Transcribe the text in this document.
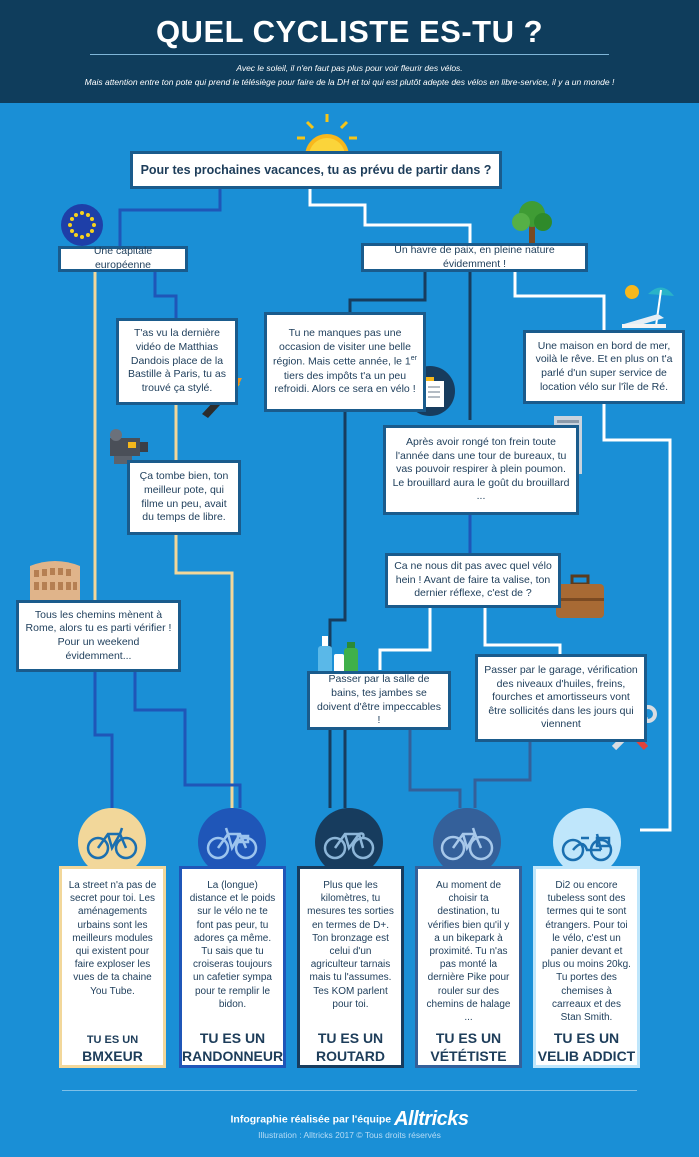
QUEL CYCLISTE ES-TU ?
Avec le soleil, il n'en faut pas plus pour voir fleurir des vélos.
Mais attention entre ton pote qui prend le télésiège pour faire de la DH et toi qui est plutôt adepte des vélos en libre-service, il y a un monde !
Pour tes prochaines vacances, tu as prévu de partir dans ?
Une capitale européenne
Un havre de paix, en pleine nature évidemment !
T'as vu la dernière vidéo de Matthias Dandois place de la Bastille à Paris, tu as trouvé ça stylé.
Ça tombe bien, ton meilleur pote, qui filme un peu, avait du temps de libre.
Tous les chemins mènent à Rome, alors tu es parti vérifier ! Pour un weekend évidemment...
Tu ne manques pas une occasion de visiter une belle région. Mais cette année, le 1er tiers des impôts t'a un peu refroidi. Alors ce sera en vélo !
Une maison en bord de mer, voilà le rêve. Et en plus on t'a parlé d'un super service de location vélo sur l'île de Ré.
Après avoir rongé ton frein toute l'année dans une tour de bureaux, tu vas pouvoir respirer à plein poumon. Le brouillard aura le goût du brouillard ...
Ca ne nous dit pas avec quel vélo hein ! Avant de faire ta valise, ton dernier réflexe, c'est de ?
Passer par la salle de bains, tes jambes se doivent d'être impeccables !
Passer par le garage, vérification des niveaux d'huiles, freins, fourches et amortisseurs vont être sollicités dans les jours qui viennent
La street n'a pas de secret pour toi. Les aménagements urbains sont les meilleurs modules qui existent pour faire exploser les vues de ta chaine You Tube.
TU ES UN
BMXEUR
La (longue) distance et le poids sur le vélo ne te font pas peur, tu adores ça même. Tu sais que tu croiseras toujours un cafetier sympa pour te remplir le bidon.
TU ES UN
RANDONNEUR
Plus que les kilomètres, tu mesures tes sorties en termes de D+. Ton bronzage est celui d'un agriculteur tarnais mais tu l'assumes. Tes KOM parlent pour toi.
TU ES UN
ROUTARD
Au moment de choisir ta destination, tu vérifies bien qu'il y a un bikepark à proximité. Tu n'as pas monté la dernière Pike pour rouler sur des chemins de halage ...
TU ES UN
VÉTÉTISTE
Di2 ou encore tubeless sont des termes qui te sont étrangers. Pour toi le vélo, c'est un panier devant et plus ou moins 20kg. Tu portes des chemises à carreaux et des Stan Smith.
TU ES UN
VELIB ADDICT
Infographie réalisée par l'équipe Alltricks
Illustration : Alltricks 2017 © Tous droits réservés
